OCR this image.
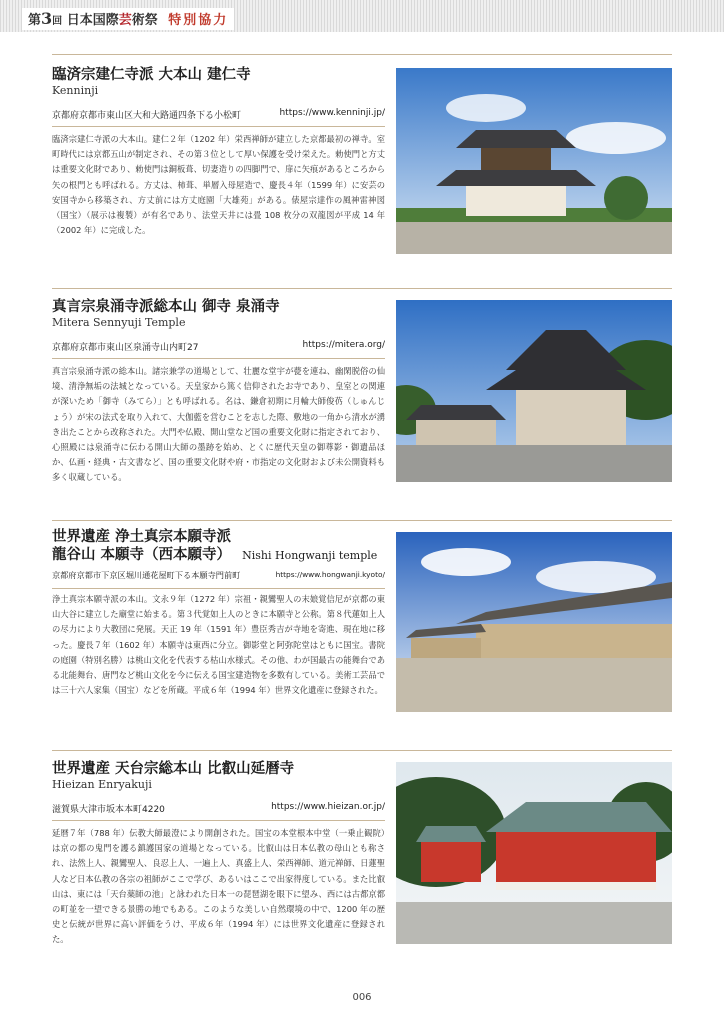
第3回 日本国際芸術祭 特別協力
臨済宗建仁寺派 大本山 建仁寺
Kenninji
京都府京都市東山区大和大路通四条下る小松町	https://www.kenninji.jp/
臨済宗建仁寺派の大本山。建仁２年（1202 年）栄西禅師が建立した京都最初の禅寺。室町時代には京都五山が制定され、その第３位として厚い保護を受け栄えた。勅使門と方丈は重要文化財であり、勅使門は銅板葺、切妻造りの四脚門で、扉に矢痕があるところから矢の根門とも呼ばれる。方丈は、柿葺、単層入母屋造で、慶長４年（1599 年）に安芸の安国寺から移築され、方丈前には方丈庭園「大雄苑」がある。俵屋宗達作の風神雷神図（国宝）（展示は複製）が有名であり、法堂天井には畳 108 枚分の双龍図が平成 14 年（2002 年）に完成した。
真言宗泉涌寺派総本山 御寺 泉涌寺
Mitera Sennyuji Temple
京都府京都市東山区泉涌寺山内町27	https://mitera.org/
真言宗泉涌寺派の総本山。諸宗兼学の道場として、壮麗な堂宇が甍を連ね、幽閑脱俗の仙境、清浄無垢の法城となっている。天皇家から篤く信仰されたお寺であり、皇室との関連が深いため「御寺（みてら）」とも呼ばれる。名は、鎌倉初期に月輪大師俊芿（しゅんじょう）が宋の法式を取り入れて、大伽藍を営むことを志した際、敷地の一角から清水が湧き出たことから改称された。大門や仏殿、開山堂など国の重要文化財に指定されており、心照殿には泉涌寺に伝わる開山大師の墨跡を始め、とくに歴代天皇の御尊影・御遺品ほか、仏画・経典・古文書など、国の重要文化財や府・市指定の文化財および未公開資料も多く収蔵している。
世界遺産 浄土真宗本願寺派
龍谷山 本願寺（西本願寺） Nishi Hongwanji temple
京都府京都市下京区堀川通花屋町下る本願寺門前町	https://www.hongwanji.kyoto/
浄土真宗本願寺派の本山。文永９年（1272 年）宗祖・親鸞聖人の末娘覚信尼が京都の東山大谷に建立した廟堂に始まる。第３代覚如上人のときに本願寺と公称。第８代蓮如上人の尽力により大教団に発展。天正 19 年（1591 年）豊臣秀吉が寺地を寄進、現在地に移った。慶長７年（1602 年）本願寺は東西に分立。御影堂と阿弥陀堂はともに国宝。書院の庭園（特別名勝）は桃山文化を代表する枯山水様式。その他、わが国最古の能舞台である北能舞台、唐門など桃山文化を今に伝える国宝建造物を多数有している。美術工芸品では三十六人家集（国宝）などを所蔵。平成６年（1994 年）世界文化遺産に登録された。
世界遺産 天台宗総本山 比叡山延暦寺
Hieizan Enryakuji
滋賀県大津市坂本本町4220	https://www.hieizan.or.jp/
延暦７年（788 年）伝教大師最澄により開創された。国宝の本堂根本中堂（一乗止観院）は京の都の鬼門を護る鎮護国家の道場となっている。比叡山は日本仏教の母山とも称され、法然上人、親鸞聖人、良忍上人、一遍上人、真盛上人、栄西禅師、道元禅師、日蓮聖人など日本仏教の各宗の祖師がここで学び、あるいはここで出家得度している。また比叡山は、東には「天台薬師の池」と詠われた日本一の琵琶湖を眼下に望み、西には古都京都の町並を一望できる景勝の地でもある。このような美しい自然環境の中で、1200 年の歴史と伝統が世界に高い評価をうけ、平成６年（1994 年）には世界文化遺産に登録された。
006
